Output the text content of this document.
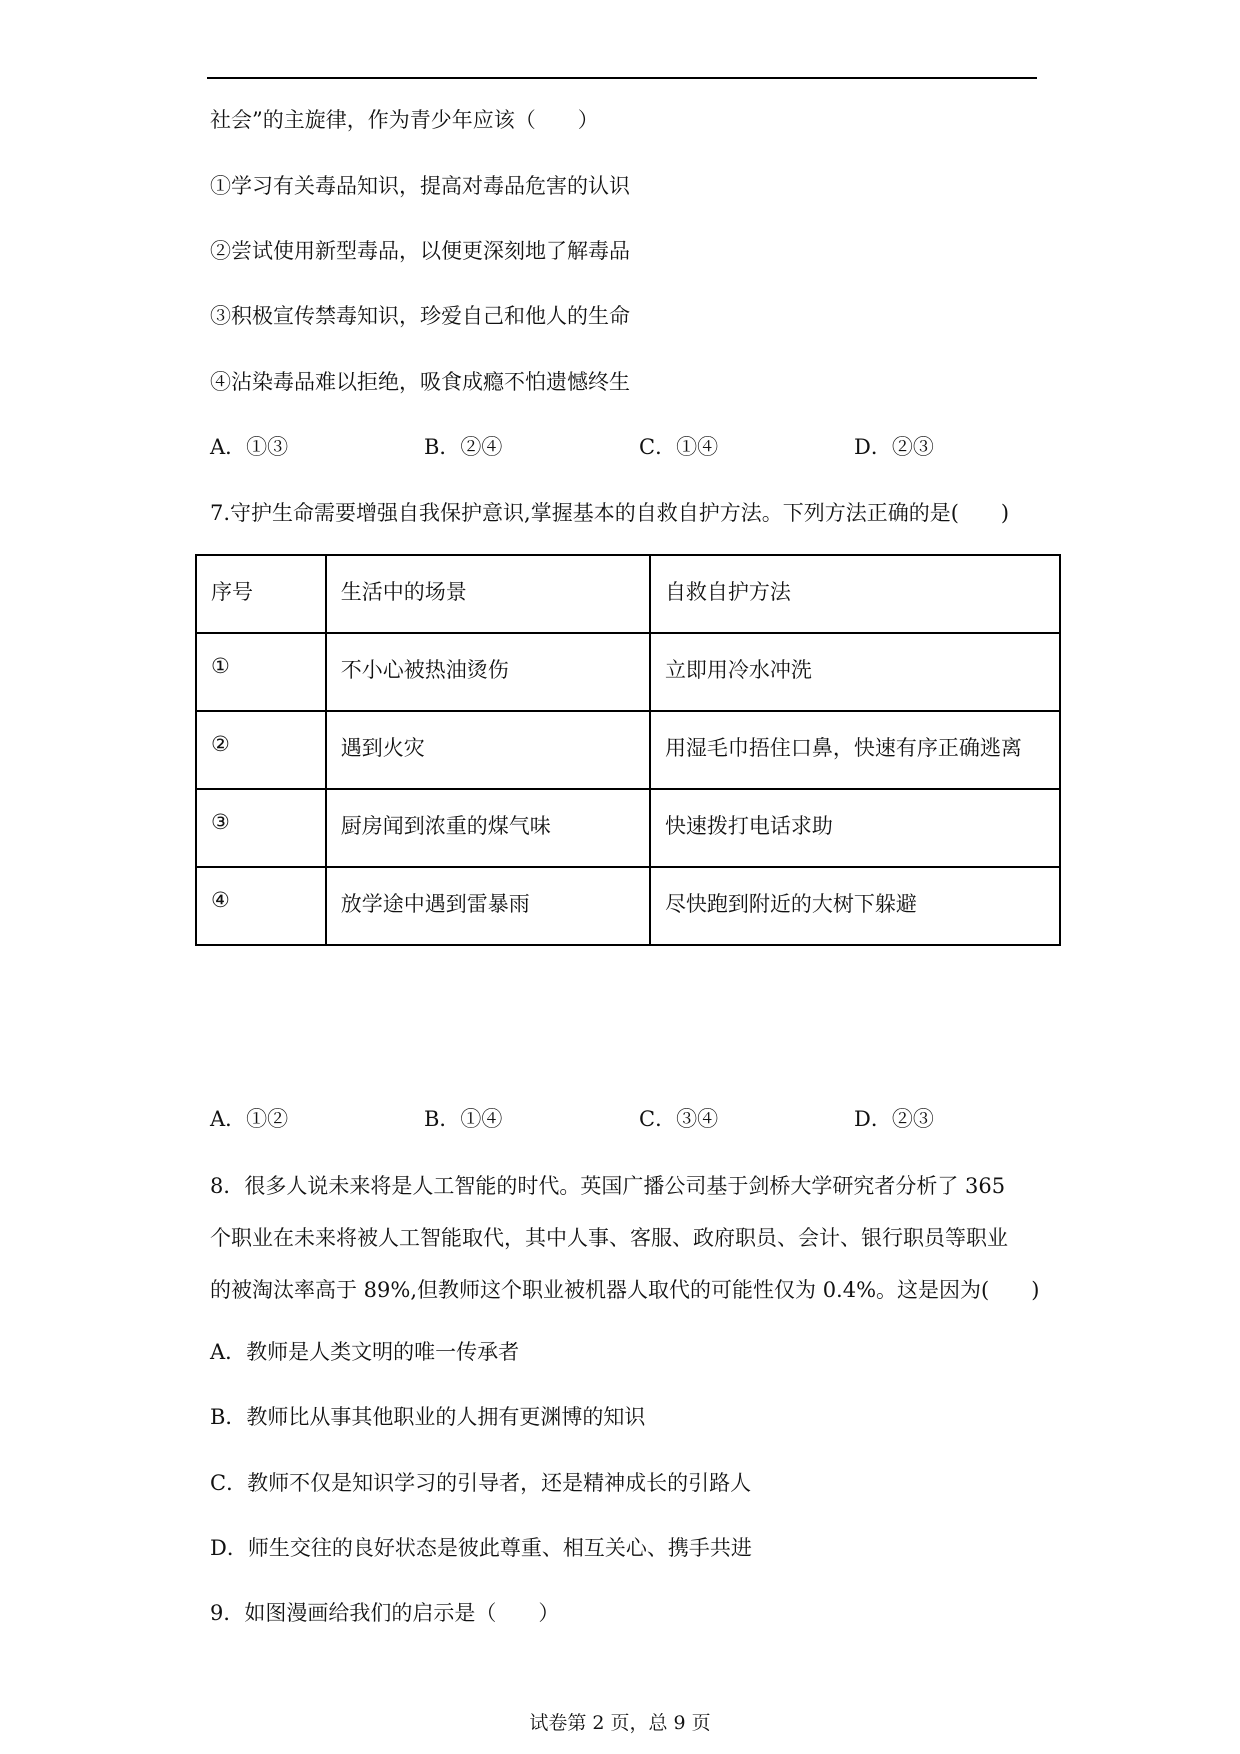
社会”的主旋律，作为青少年应该（　　）
①学习有关毒品知识，提高对毒品危害的认识
②尝试使用新型毒品，以便更深刻地了解毒品
③积极宣传禁毒知识，珍爱自己和他人的生命
④沾染毒品难以拒绝，吸食成瘾不怕遗憾终生
A．①③	B．②④	C．①④	D．②③
7.守护生命需要增强自我保护意识,掌握基本的自救自护方法。下列方法正确的是(　　)
序号	生活中的场景	自救自护方法
①	不小心被热油烫伤	立即用冷水冲洗
②	遇到火灾	用湿毛巾捂住口鼻，快速有序正确逃离
③	厨房闻到浓重的煤气味	快速拨打电话求助
④	放学途中遇到雷暴雨	尽快跑到附近的大树下躲避
A．①②	B．①④	C．③④	D．②③
8．很多人说未来将是人工智能的时代。英国广播公司基于剑桥大学研究者分析了 365
个职业在未来将被人工智能取代，其中人事、客服、政府职员、会计、银行职员等职业
的被淘汰率高于 89%,但教师这个职业被机器人取代的可能性仅为 0.4%。这是因为(　　)
A．教师是人类文明的唯一传承者
B．教师比从事其他职业的人拥有更渊博的知识
C．教师不仅是知识学习的引导者，还是精神成长的引路人
D．师生交往的良好状态是彼此尊重、相互关心、携手共进
9．如图漫画给我们的启示是（　　）
试卷第 2 页，总 9 页
